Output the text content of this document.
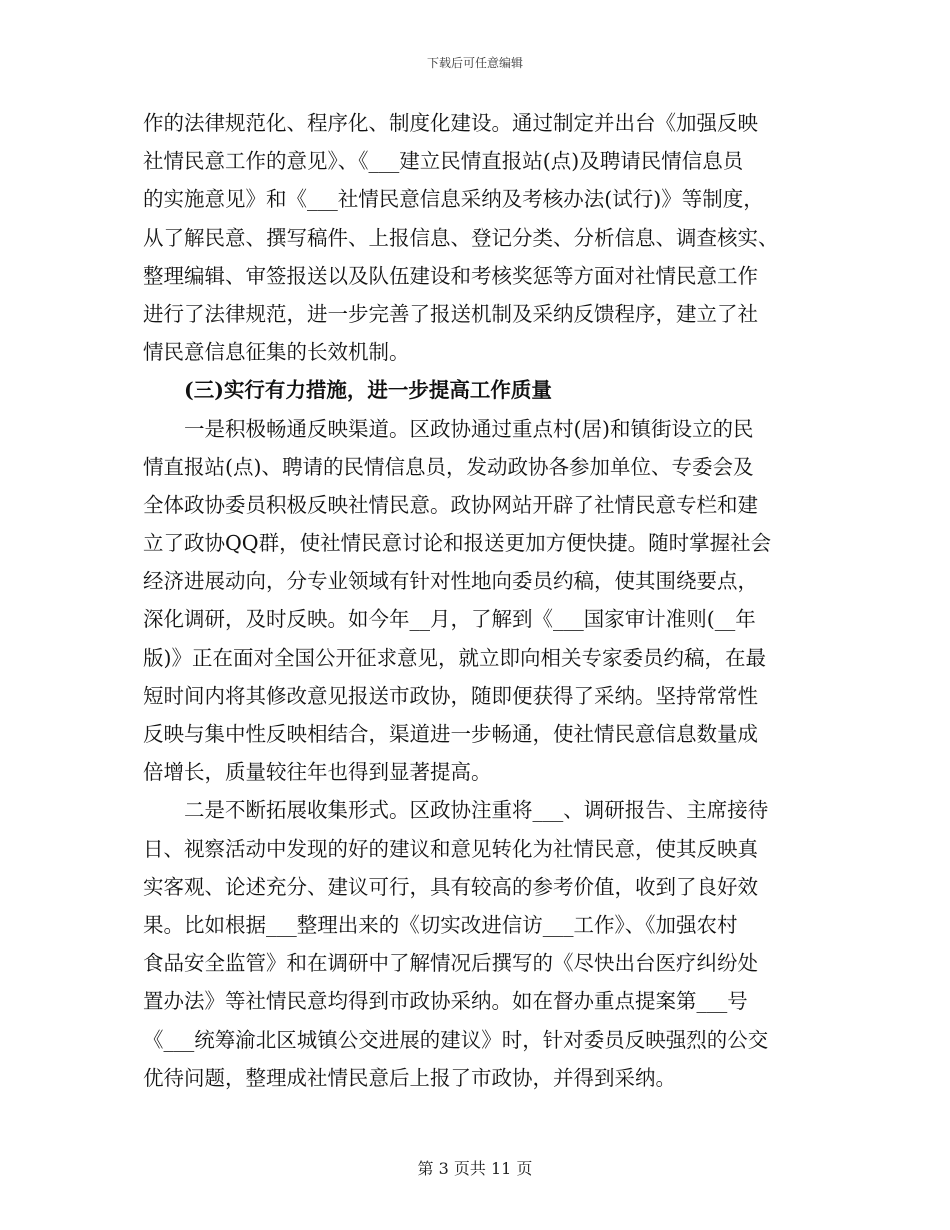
下载后可任意编辑
作的法律规范化、程序化、制度化建设。通过制定并出台《加强反映
社情民意工作的意见》、《___建立民情直报站(点)及聘请民情信息员
的实施意见》和《___社情民意信息采纳及考核办法(试行)》等制度，
从了解民意、撰写稿件、上报信息、登记分类、分析信息、调查核实、
整理编辑、审签报送以及队伍建设和考核奖惩等方面对社情民意工作
进行了法律规范，进一步完善了报送机制及采纳反馈程序，建立了社
情民意信息征集的长效机制。
(三)实行有力措施，进一步提高工作质量
一是积极畅通反映渠道。区政协通过重点村(居)和镇街设立的民
情直报站(点)、聘请的民情信息员，发动政协各参加单位、专委会及
全体政协委员积极反映社情民意。政协网站开辟了社情民意专栏和建
立了政协QQ群，使社情民意讨论和报送更加方便快捷。随时掌握社会
经济进展动向，分专业领域有针对性地向委员约稿，使其围绕要点，
深化调研，及时反映。如今年__月，了解到《___国家审计准则(__年
版)》正在面对全国公开征求意见，就立即向相关专家委员约稿，在最
短时间内将其修改意见报送市政协，随即便获得了采纳。坚持常常性
反映与集中性反映相结合，渠道进一步畅通，使社情民意信息数量成
倍增长，质量较往年也得到显著提高。
二是不断拓展收集形式。区政协注重将___、调研报告、主席接待
日、视察活动中发现的好的建议和意见转化为社情民意，使其反映真
实客观、论述充分、建议可行，具有较高的参考价值，收到了良好效
果。比如根据___整理出来的《切实改进信访___工作》、《加强农村
食品安全监管》和在调研中了解情况后撰写的《尽快出台医疗纠纷处
置办法》等社情民意均得到市政协采纳。如在督办重点提案第___号
《___统筹渝北区城镇公交进展的建议》时，针对委员反映强烈的公交
优待问题，整理成社情民意后上报了市政协，并得到采纳。
第 3 页共 11 页
